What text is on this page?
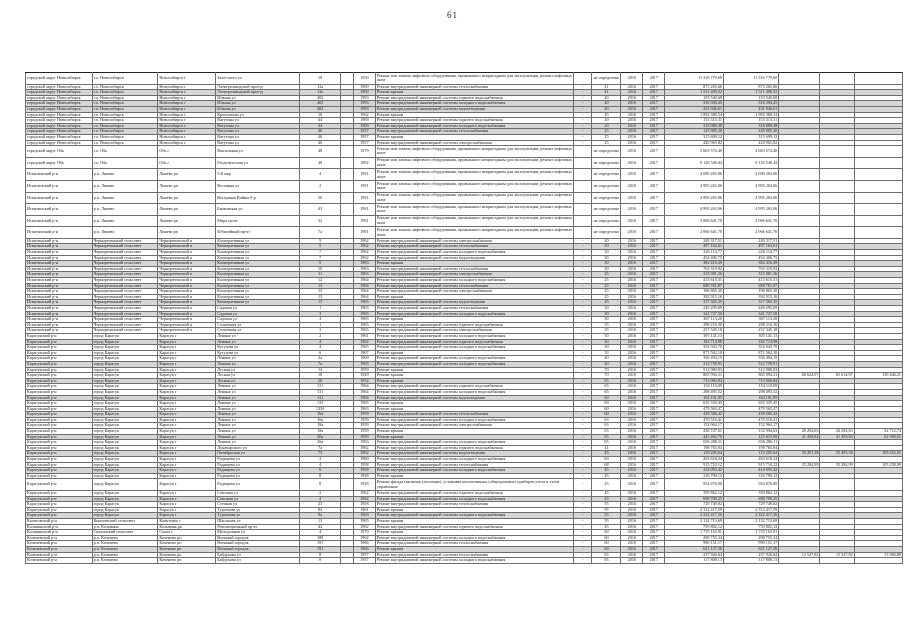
61
городской округ Новосибирск	г.о. Новосибирск	Новосибирск г	Залесского ул	19		1950	Ремонт или замена лифтового оборудования, признанного непригодным для эксплуатации, ремонт лифтовых шахт		не определено	2016	2017	11 316 779,60	11 316 779,60			
городской округ Новосибирск	г.о. Новосибирск	Новосибирск г	Электрозаводской проезд	12а		1969	Ремонт внутридомовой инженерной системы теплоснабжения	-	41	2016	2017	873 265,66	873 265,66			
городской округ Новосибирск	г.о. Новосибирск	Новосибирск г	Электрозаводской проезд	12а		1969	Ремонт крыши	-	41	2016	2017	1 511 400,32	1 511 400,32			
городской округ Новосибирск	г.о. Новосибирск	Новосибирск г	Южная ул	402		1993	Ремонт внутридомовой инженерной системы горячего водоснабжения	-	40	2016	2017	153 540,69	153 540,69			
городской округ Новосибирск	г.о. Новосибирск	Новосибирск г	Южная ул	402		1993	Ремонт внутридомовой инженерной системы холодного водоснабжения	-	40	2016	2017	316 394,45	316 394,45			
городской округ Новосибирск	г.о. Новосибирск	Новосибирск г	Южная ул	402		1993	Ремонт внутридомовой инженерной системы водоотведения	-	40	2016	2017	431 946,61	431 946,61			
городской округ Новосибирск	г.о. Новосибирск	Новосибирск г	Кропоткина ул	16		1962	Ремонт крыши	-	45	2016	2017	1 092 380,54	1 092 380,54			
городской округ Новосибирск	г.о. Новосибирск	Новосибирск г	Ватутина ул	44		1969	Ремонт внутридомовой инженерной системы горячего водоснабжения	-	20	2016	2017	153 313,31	153 313,31			
городской округ Новосибирск	г.о. Новосибирск	Новосибирск г	Ватутина ул	44		1969	Ремонт внутридомовой инженерной системы холодного водоснабжения	-	20	2016	2017	316 088,48	316 088,48			
городской округ Новосибирск	г.о. Новосибирск	Новосибирск г	Ватутина ул	46		1957	Ремонт внутридомовой инженерной системы теплоснабжения	-	25	2016	2017	145 985,30	145 985,30			
городской округ Новосибирск	г.о. Новосибирск	Новосибирск г	Ватутина ул	46		1957	Ремонт крыши	-	25	2016	2017	315 699,12	315 699,12			
городской округ Новосибирск	г.о. Новосибирск	Новосибирск г	Ватутина ул	46		1957	Ремонт внутридомовой инженерной системы электроснабжения	-	25	2016	2017	420 965,82	420 965,82			
городской округ Обь	г.о. Обь	Обь г	Вокзальная ул	48		1979	Ремонт или замена лифтового оборудования, признанного непригодным для эксплуатации, ремонт лифтовых шахт		не определено	2016	2017	2 663 574,40	2 663 574,40			
городской округ Обь	г.о. Обь	Обь г	Геодезическая ул	48		1992	Ремонт или замена лифтового оборудования, признанного непригодным для эксплуатации, ремонт лифтовых шахт		не определено	2016	2017	9 126 549,44	9 126 549,44			
Искитимский р-н	р.п. Линево	Линево рп	3-й мкр	4		1991	Ремонт или замена лифтового оборудования, признанного непригодным для эксплуатации, ремонт лифтовых шахт		не определено	2016	2017	4 690 263,06	4 690 263,06			
Искитимский р-н	р.п. Линево	Линево рп	Весенняя ул	2		1991	Ремонт или замена лифтового оборудования, признанного непригодным для эксплуатации, ремонт лифтовых шахт		не определено	2016	2017	4 995 263,06	4 995 263,06			
Искитимский р-н	р.п. Линево	Линево рп	Ветеранов Войны б-р	50		1991	Ремонт или замена лифтового оборудования, признанного непригодным для эксплуатации, ремонт лифтовых шахт		не определено	2016	2017	4 995 263,06	4 995 263,06			
Искитимский р-н	р.п. Линево	Линево рп	Банковская ул	43		1991	Ремонт или замена лифтового оборудования, признанного непригодным для эксплуатации, ремонт лифтовых шахт		не определено	2016	2017	4 995 263,06	4 995 263,06			
Искитимский р-н	р.п. Линево	Линево рп	Мира пр-кт	32		1991	Ремонт или замена лифтового оборудования, признанного непригодным для эксплуатации, ремонт лифтовых шахт		не определено	2016	2017	2 066 641,70	2 066 641,70			
Искитимский р-н	р.п. Линево	Линево рп	Юбилейный пр-кт	7а		1991	Ремонт или замена лифтового оборудования, признанного непригодным для эксплуатации, ремонт лифтовых шахт		не определено	2016	2017	2 066 641,70	2 066 641,70			
Искитимский р-н	Чернореченский сельсовет	Чернореченский п	Кооперативная ул	5		1962	Ремонт внутридомовой инженерной системы электроснабжения	-	20	2016	2017	249 317,51	249 317,51			
Искитимский р-н	Чернореченский сельсовет	Чернореченский п	Кооперативная ул	5		1962	Ремонт внутридомовой инженерной системы теплоснабжения	-	20	2016	2017	497 164,61	497 164,61			
Искитимский р-н	Чернореченский сельсовет	Чернореченский п	Кооперативная ул	7		1962	Ремонт внутридомовой инженерной системы холодного водоснабжения	-	30	2016	2017	226 114,77	226 114,77			
Искитимский р-н	Чернореченский сельсовет	Чернореченский п	Кооперативная ул	7		1962	Ремонт внутридомовой инженерной системы водоотведения	-	30	2016	2017	454 406,75	454 406,75			
Искитимский р-н	Чернореченский сельсовет	Чернореченский п	Кооперативная ул	9		1963	Ремонт крыши	-	30	2016	2017	382 416,49	382 416,49			
Искитимский р-н	Чернореченский сельсовет	Чернореченский п	Кооперативная ул	10		1963	Ремонт внутридомовой инженерной системы теплоснабжения	-	30	2016	2017	763 319,92	763 319,92			
Искитимский р-н	Чернореченский сельсовет	Чернореченский п	Кооперативная ул	11		1963	Ремонт внутридомовой инженерной системы электроснабжения	-	25	2016	2017	315 981,36	315 981,36			
Искитимский р-н	Чернореченский сельсовет	Чернореченский п	Кооперативная ул	12		1964	Ремонт внутридомовой инженерной системы холодного водоснабжения	-	25	2016	2017	413 615,31	413 615,31			
Искитимский р-н	Чернореченский сельсовет	Чернореченский п	Кооперативная ул	13		1964	Ремонт внутридомовой инженерной системы теплоснабжения	-	25	2016	2017	688 761,87	688 761,87			
Искитимский р-н	Чернореченский сельсовет	Чернореченский п	Кооперативная ул	13		1964	Ремонт внутридомовой инженерной системы электроснабжения	-	25	2016	2017	196 865,30	196 865,30			
Искитимский р-н	Чернореченский сельсовет	Чернореченский п	Кооперативная ул	13		1964	Ремонт крыши	-	25	2016	2017	392 915,16	392 915,16			
Искитимский р-н	Чернореченский сельсовет	Чернореченский п	Кооперативная ул	15		1965	Ремонт внутридомовой инженерной системы водоотведения	-	25	2016	2017	317 365,35	317 365,35			
Искитимский р-н	Чернореченский сельсовет	Чернореченский п	Садовая ул	1		1965	Ремонт внутридомовой инженерной системы теплоснабжения	-	30	2016	2017	249 295,69	249 295,69			
Искитимский р-н	Чернореченский сельсовет	Чернореченский п	Садовая ул	3		1965	Ремонт внутридомовой инженерной системы холодного водоснабжения	-	30	2016	2017	341 727,50	341 727,50			
Искитимский р-н	Чернореченский сельсовет	Чернореченский п	Садовая ул	4		1965	Ремонт крыши	-	30	2016	2017	367 113,20	367 113,20			
Искитимский р-н	Чернореченский сельсовет	Чернореченский п	Солнечная ул	1		1965	Ремонт внутридомовой инженерной системы горячего водоснабжения	-	35	2016	2017	298 216,30	298 216,30			
Искитимский р-н	Чернореченский сельсовет	Чернореченский п	Солнечная ул	3		1965	Ремонт внутридомовой инженерной системы электроснабжения	-	35	2016	2017	257 345,18	257 345,18			
Карасукский р-н	город Карасук	Карасук г	Ленина ул	2		1961	Ремонт внутридомовой инженерной системы холодного водоснабжения	-	30	2016	2017	305 141,13	305 141,13			
Карасукский р-н	город Карасук	Карасук г	Ленина ул	4		1962	Ремонт внутридомовой инженерной системы горячего водоснабжения	-	30	2016	2017	182 714,98	182 714,98			
Карасукский р-н	город Карасук	Карасук г	Кутузова ул	4		1965	Ремонт внутридомовой инженерной системы холодного водоснабжения	-	30	2016	2017	352 943,70	352 943,70			
Карасукский р-н	город Карасук	Карасук г	Кутузова ул	6		1967	Ремонт крыши	-	33	2016	2017	871 562,10	871 562,10			
Карасукский р-н	город Карасук	Карасук г	Ленина ул	2а		1960	Ремонт внутридомовой инженерной системы холодного водоснабжения	-	40	2016	2017	356 494,15	356 494,15			
Карасукский р-н	город Карасук	Карасук г	Ленина ул	7а		1965	Ремонт внутридомовой инженерной системы холодного водоснабжения	-	40	2016	2017	312 758,91	312 758,91			
Карасукский р-н	город Карасук	Карасук г	Лесная ул	14		1959	Ремонт крыши	-	70	2016	2017	512 980,03	512 980,03			
Карасукский р-н	город Карасук	Карасук г	Лесная ул	18		1949	Ремонт крыши	-	70	2016	2017	865 994,31	865 994,31	60 624,97	65 614,97	150 446,21
Карасукский р-н	город Карасук	Карасук г	Лесная ул	20		1952	Ремонт крыши	-	65	2016	2017	713 960,84	713 960,84			
Карасукский р-н	город Карасук	Карасук г	Ленина ул	131		1964	Ремонт внутридомовой инженерной системы горячего водоснабжения	-	65	2016	2017	154 110,09	154 110,09			
Карасукский р-н	город Карасук	Карасук г	Ленина ул	131		1964	Ремонт внутридомовой инженерной системы холодного водоснабжения	-	65	2016	2017	298 493,52	298 493,52			
Карасукский р-н	город Карасук	Карасук г	Ленина ул	131		1964	Ремонт внутридомовой инженерной системы водоотведения	-	60	2016	2017	164 101,85	164 101,85			
Карасукский р-н	город Карасук	Карасук г	Ленина ул	133		1965	Ремонт крыши	-	60	2016	2017	655 339,45	655 339,45			
Карасукский р-н	город Карасук	Карасук г	Ленина ул	133б		1963	Ремонт крыши	-	60	2016	2017	479 563,47	479 563,47			
Карасукский р-н	город Карасук	Карасук г	Ленина ул	16а		1959	Ремонт внутридомовой инженерной системы теплоснабжения	-	60	2016	2017	438 586,42	438 586,42			
Карасукский р-н	город Карасук	Карасук г	Ленина ул	16а		1959	Ремонт внутридомовой инженерной системы холодного водоснабжения	-	63	2016	2017	470 516,41	470 516,41			
Карасукский р-н	город Карасук	Карасук г	Ленина ул	18а		1959	Ремонт внутридомовой инженерной системы электроснабжения	-	63	2016	2017	152 964,17	152 964,17			
Карасукский р-н	город Карасук	Карасук г	Ленина ул	18а		1959	Ремонт крыши	-	63	2016	2017	436 747,61	152 994,63	26 294,63	26 294,63	52 712,74
Карасукский р-н	город Карасук	Карасук г	Ленина ул	20а		1959	Ремонт крыши	-	65	2016	2017	441 492,76	125 615,69	41 459,84	41 459,84	62 690,61
Карасукский р-н	город Карасук	Карасук г	Ленина ул	26а		1963	Ремонт внутридомовой инженерной системы холодного водоснабжения	-	65	2016	2017	656 286,11	656 286,11			
Карасукский р-н	город Карасук	Карасук г	Луначарского ул	7а		1962	Ремонт внутридомовой инженерной системы горячего водоснабжения	-	41	2016	2017	198 765,04	198 765,04			
Карасукский р-н	город Карасук	Карасук г	Октябрьская ул	73		1962	Ремонт внутридомовой инженерной системы водоотведения	-	45	2016	2017	119 205,64	119 205,64	35 491,38	35 491,38	109 452,01
Карасукский р-н	город Карасук	Карасук г	Радищева ул	2		1960	Ремонт внутридомовой инженерной системы холодного водоснабжения	-	60	2016	2017	263 618,24	263 618,24			
Карасукский р-н	город Карасук	Карасук г	Радищева ул	4		1958	Ремонт внутридомовой инженерной системы теплоснабжения	-	68	2016	2017	915 710,12	915 710,12	35 284,99	35 284,99	105 258,99
Карасукский р-н	город Карасук	Карасук г	Радищева ул	6		1958	Ремонт внутридомовой инженерной системы холодного водоснабжения	-	45	2016	2017	414 093,42	414 093,42			
Карасукский р-н	город Карасук	Карасук г	Радищева ул	8		1958	Ремонт крыши	-	45	2016	2017	316 790,12	316 790,12			
Карасукский р-н	город Карасук	Карасук г	Радищева ул	8		1958	Ремонт фасада (включая утепление), установка коллективных (общедомовых) приборов учета и узлов управления	-	45	2016	2017	954 876,00	954 876,00			
Карасукский р-н	город Карасук	Карасук г	Союзная ул	2		1962	Ремонт внутридомовой инженерной системы горячего водоснабжения	-	45	2016	2017	359 862,12	359 862,12			
Карасукский р-н	город Карасук	Карасук г	Союзная ул	2		1962	Ремонт внутридомовой инженерной системы холодного водоснабжения	-	45	2016	2017	698 709,25	698 709,25			
Карасукский р-н	город Карасук	Карасук г	Степная ул	23		1958	Ремонт внутридомовой инженерной системы теплоснабжения	-	55	2016	2017	729 749,82	729 749,82			
Карасукский р-н	город Карасук	Карасук г	Тургенева ул	84		1961	Ремонт крыши	-	55	2016	2017	2 312 417,59	2 312 417,59			
Карасукский р-н	город Карасук	Карасук г	Тургенева ул	9а		1963	Ремонт внутридомовой инженерной системы холодного водоснабжения	-	55	2016	2017	2 322 417,26	2 322 417,26			
Кыштовский р-н	Кыштовский сельсовет	Кыштовка с	Школьная ул	13		1965	Ремонт крыши	-	55	2016	2017	2 132 713,69	2 132 713,69			
Колыванский р-н	р.п. Колывань	Колывань рп	Революционный пр-кт	42		1962	Ремонт внутридомовой инженерной системы горячего водоснабжения	-	45	2016	2017	759 802,12	759 802,12			
Колыванский р-н	Скалинский сельсовет	Скала с	Молодежная ул	4		1970	Ремонт крыши	-	60	2016	2017	1 735 163,91	1 735 163,91			
Коченевский р-н	р.п. Коченево	Коченево рп	Военный городок	189		1962	Ремонт внутридомовой инженерной системы холодного водоснабжения	-	60	2016	2017	298 755,34	298 755,34			
Коченевский р-н	р.п. Коченево	Коченево рп	Военный городок	191		1966	Ремонт внутридомовой инженерной системы теплоснабжения	-	60	2016	2017	990 151,17	990 151,17			
Коченевский р-н	р.п. Коченево	Коченево рп	Военный городок	191		1966	Ремонт крыши	-	60	2016	2017	621 127,56	621 127,56			
Коченевский р-н	р.п. Коченево	Коченево рп	Байдукова ул	8		1957	Ремонт внутридомовой инженерной системы теплоснабжения	-	65	2016	2017	237 926,64	237 926,64	12 547,82	15 547,82	33 966,88
Коченевский р-н	р.п. Коченево	Коченево рп	Байдукова ул	8		1957	Ремонт внутридомовой инженерной системы холодного водоснабжения	-	65	2016	2017	117 808,13	117 808,13			
